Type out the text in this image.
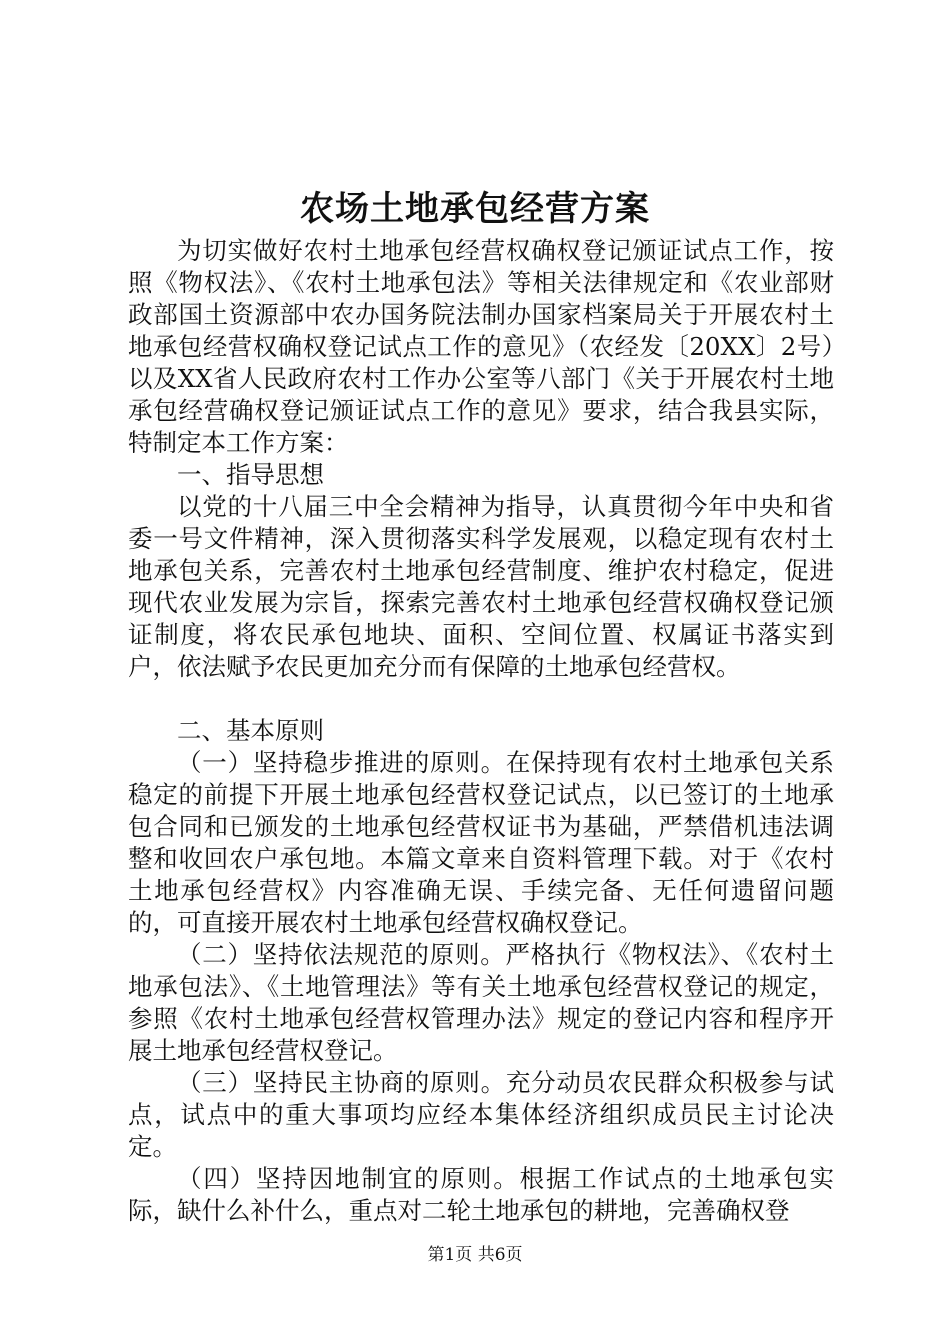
农场土地承包经营方案

为切实做好农村土地承包经营权确权登记颁证试点工作，按照《物权法》、《农村土地承包法》等相关法律规定和《农业部财政部国土资源部中农办国务院法制办国家档案局关于开展农村土地承包经营权确权登记试点工作的意见》（农经发〔20XX〕2号）以及XX省人民政府农村工作办公室等八部门《关于开展农村土地承包经营确权登记颁证试点工作的意见》要求，结合我县实际，特制定本工作方案：

一、指导思想

以党的十八届三中全会精神为指导，认真贯彻今年中央和省委一号文件精神，深入贯彻落实科学发展观，以稳定现有农村土地承包关系，完善农村土地承包经营制度、维护农村稳定，促进现代农业发展为宗旨，探索完善农村土地承包经营权确权登记颁证制度，将农民承包地块、面积、空间位置、权属证书落实到户，依法赋予农民更加充分而有保障的土地承包经营权。

二、基本原则

（一）坚持稳步推进的原则。在保持现有农村土地承包关系稳定的前提下开展土地承包经营权登记试点，以已签订的土地承包合同和已颁发的土地承包经营权证书为基础，严禁借机违法调整和收回农户承包地。本篇文章来自资料管理下载。对于《农村土地承包经营权》内容准确无误、手续完备、无任何遗留问题的，可直接开展农村土地承包经营权确权登记。

（二）坚持依法规范的原则。严格执行《物权法》、《农村土地承包法》、《土地管理法》等有关土地承包经营权登记的规定，参照《农村土地承包经营权管理办法》规定的登记内容和程序开展土地承包经营权登记。

（三）坚持民主协商的原则。充分动员农民群众积极参与试点，试点中的重大事项均应经本集体经济组织成员民主讨论决定。

（四）坚持因地制宜的原则。根据工作试点的土地承包实际，缺什么补什么，重点对二轮土地承包的耕地，完善确权登

第1页 共6页
